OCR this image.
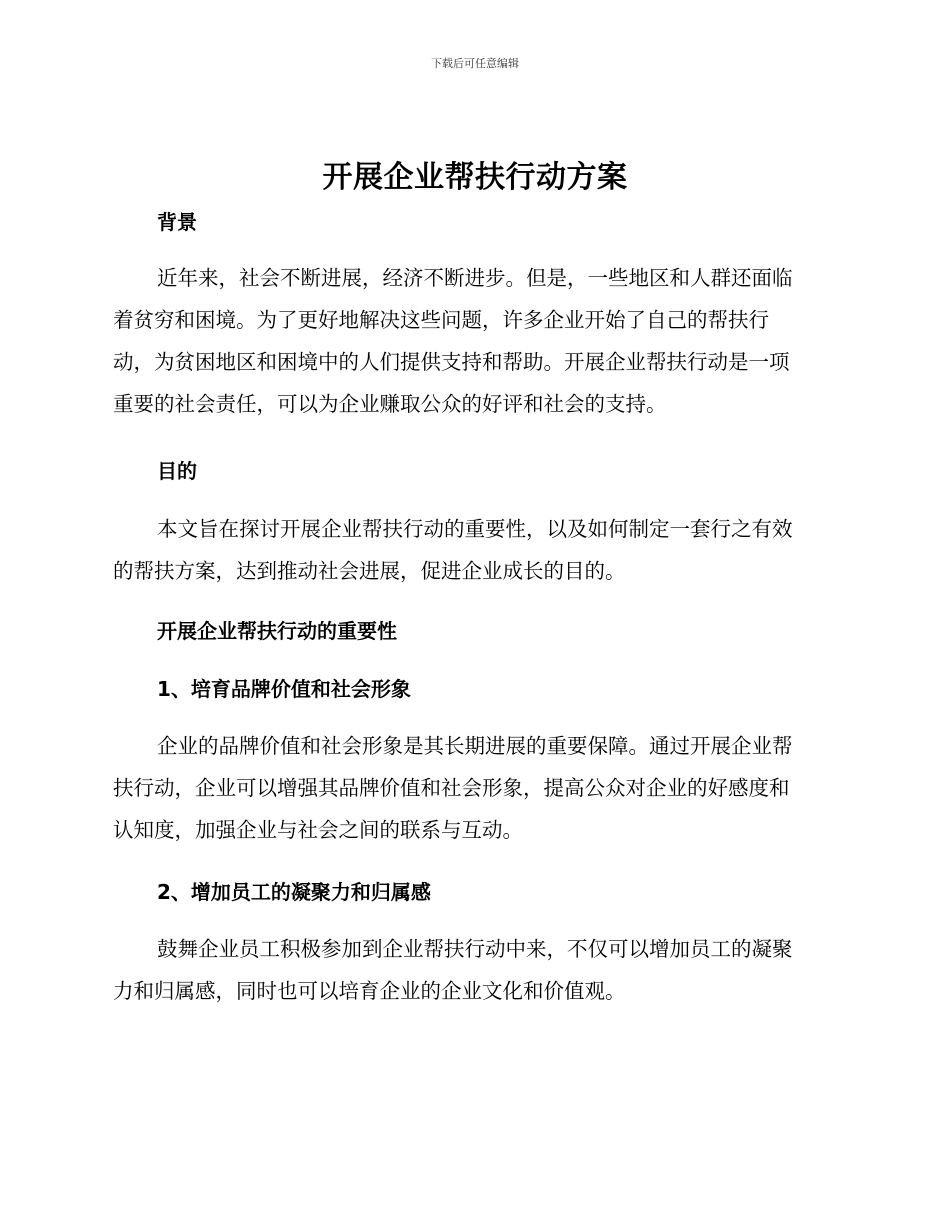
下载后可任意编辑
开展企业帮扶行动方案
背景
近年来，社会不断进展，经济不断进步。但是，一些地区和人群还面临
着贫穷和困境。为了更好地解决这些问题，许多企业开始了自己的帮扶行
动，为贫困地区和困境中的人们提供支持和帮助。开展企业帮扶行动是一项
重要的社会责任，可以为企业赚取公众的好评和社会的支持。
目的
本文旨在探讨开展企业帮扶行动的重要性，以及如何制定一套行之有效
的帮扶方案，达到推动社会进展，促进企业成长的目的。
开展企业帮扶行动的重要性
1、培育品牌价值和社会形象
企业的品牌价值和社会形象是其长期进展的重要保障。通过开展企业帮
扶行动，企业可以增强其品牌价值和社会形象，提高公众对企业的好感度和
认知度，加强企业与社会之间的联系与互动。
2、增加员工的凝聚力和归属感
鼓舞企业员工积极参加到企业帮扶行动中来，不仅可以增加员工的凝聚
力和归属感，同时也可以培育企业的企业文化和价值观。
